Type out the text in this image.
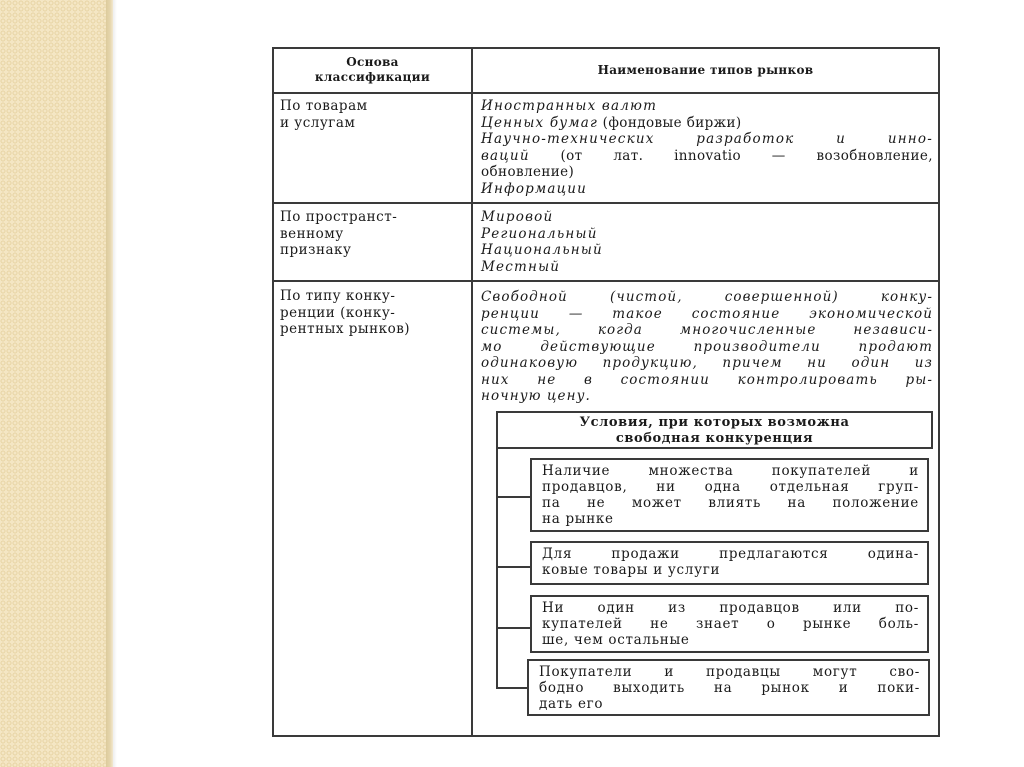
Основа
классификации	Наименование типов рынков
По товарам
и услугам
Иностранных валют
Ценных бумаг (фондовые биржи)
Научно-технических разработок и инно-
ваций (от лат. innovatio — возобновление,
обновление)
Информации
По пространст-
венному
признаку
Мировой
Региональный
Национальный
Местный
По типу конку-
ренции (конку-
рентных рынков)
Свободной (чистой, совершенной) конку-
ренции — такое состояние экономической
системы, когда многочисленные независи-
мо действующие производители продают
одинаковую продукцию, причем ни один из
них не в состоянии контролировать ры-
ночную цену.
Условия, при которых возможна
свободная конкуренция
Наличие множества покупателей и
продавцов, ни одна отдельная груп-
па не может влиять на положение
на рынке
Для продажи предлагаются одина-
ковые товары и услуги
Ни один из продавцов или по-
купателей не знает о рынке боль-
ше, чем остальные
Покупатели и продавцы могут сво-
бодно выходить на рынок и поки-
дать его
